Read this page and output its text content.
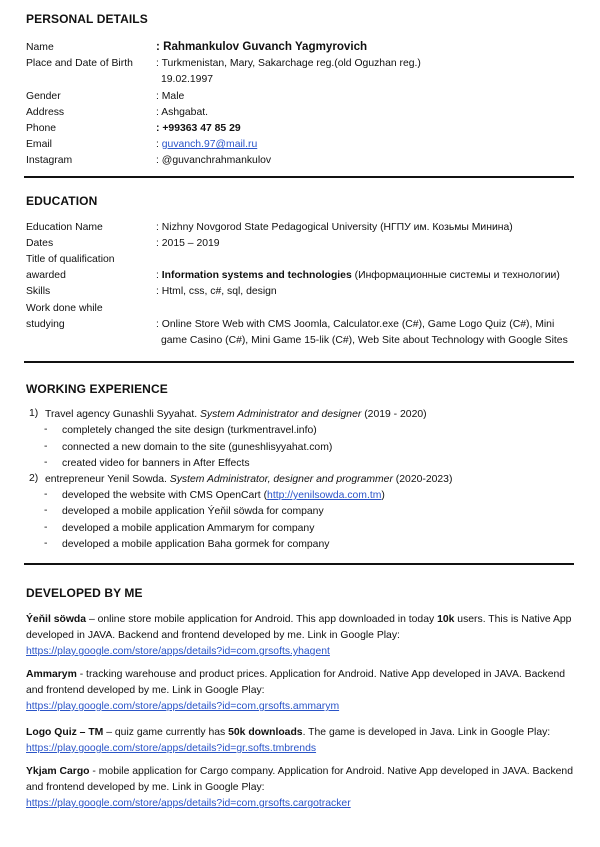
PERSONAL DETAILS
Name	: Rahmankulov Guvanch Yagmyrovich
Place and Date of Birth : Turkmenistan, Mary, Sakarchage reg.(old Oguzhan reg.)
19.02.1997
Gender	: Male
Address	: Ashgabat.
Phone	: +99363 47 85 29
Email	: guvanch.97@mail.ru
Instagram	: @guvanchrahmankulov
EDUCATION
Education Name	: Nizhny Novgorod State Pedagogical University (НГПУ им. Козьмы Минина)
Dates	: 2015 – 2019
Title of qualification
awarded	: Information systems and technologies (Информационные системы и технологии)
Skills	: Html, css, c#, sql, design
Work done while
studying	: Online Store Web with CMS Joomla, Calculator.exe (C#), Game Logo Quiz (C#), Mini
game Casino (C#), Mini Game 15-lik (C#), Web Site about Technology with Google Sites
WORKING EXPERIENCE
1) Travel agency Gunashli Syyahat. System Administrator and designer (2019 - 2020)
- completely changed the site design (turkmentravel.info)
- connected a new domain to the site (guneshlisyyahat.com)
- created video for banners in After Effects
2) entrepreneur Yenil Sowda. System Administrator, designer and programmer (2020-2023)
- developed the website with CMS OpenCart (http://yenilsowda.com.tm)
- developed a mobile application Ýeňil söwda for company
- developed a mobile application Ammarym for company
- developed a mobile application Baha gormek for company
DEVELOPED BY ME
Ýeňil söwda – online store mobile application for Android. This app downloaded in today 10k users. This is Native App developed in JAVA. Backend and frontend developed by me. Link in Google Play:
https://play.google.com/store/apps/details?id=com.grsofts.yhagent
Ammarym - tracking warehouse and product prices. Application for Android. Native App developed in JAVA. Backend and frontend developed by me. Link in Google Play:
https://play.google.com/store/apps/details?id=com.grsofts.ammarym
Logo Quiz – TM – quiz game currently has 50k downloads. The game is developed in Java. Link in Google Play:
https://play.google.com/store/apps/details?id=gr.softs.tmbrends
Ykjam Cargo - mobile application for Cargo company. Application for Android. Native App developed in JAVA. Backend and frontend developed by me. Link in Google Play:
https://play.google.com/store/apps/details?id=com.grsofts.cargotracker
